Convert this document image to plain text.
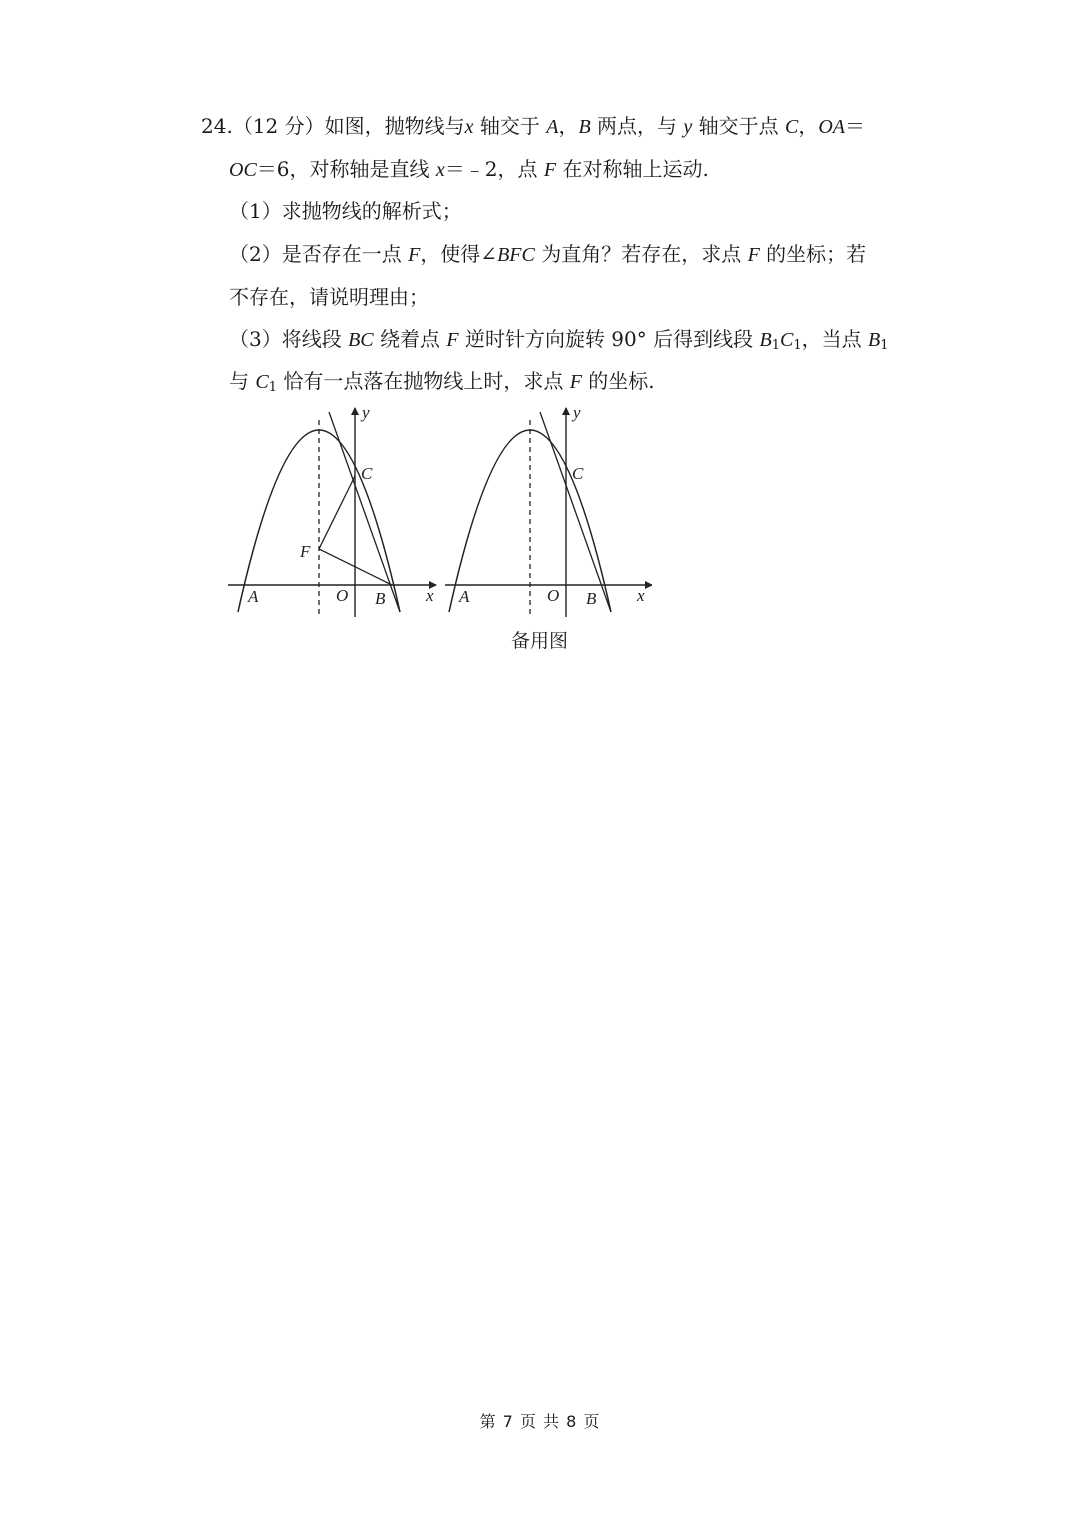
24.（12 分）如图，抛物线与x 轴交于 A，B 两点，与 y 轴交于点 C，OA＝
OC＝6，对称轴是直线 x＝﹣2，点 F 在对称轴上运动.
（1）求抛物线的解析式；
（2）是否存在一点 F，使得∠BFC 为直角？若存在，求点 F 的坐标；若
不存在，请说明理由；
（3）将线段 BC 绕着点 F 逆时针方向旋转 90° 后得到线段 $B_1C_1$，当点 $B_1$
与 $C_1$ 恰有一点落在抛物线上时，求点 F 的坐标.
y
C
F
A	O B x
y
C
A	O B x
备用图
第 7 页 共 8 页
